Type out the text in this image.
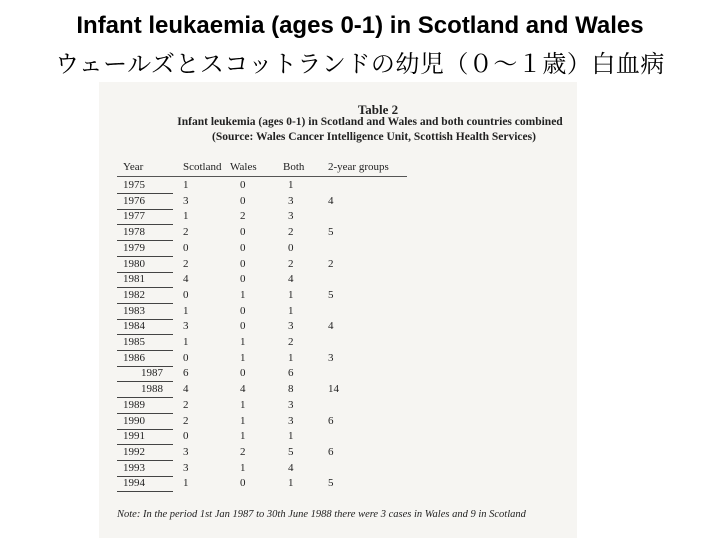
Infant leukaemia (ages 0-1) in Scotland and Wales
ウェールズとスコットランドの幼児（０〜１歳）白血病
Table 2
Infant leukemia (ages 0-1) in Scotland and Wales and both countries combined
(Source: Wales Cancer Intelligence Unit, Scottish Health Services)
Year	Scotland Wales Both 2-year groups
1975	1	0	1
1976	3	0	3	4
1977	1	2	3
1978	2	0	2	5
1979	0	0	0
1980	2	0	2	2
1981	4	0	4
1982	0	1	1	5
1983	1	0	1
1984	3	0	3	4
1985	1	1	2
1986	0	1	1	3
1987 6	0	6
1988 4	4	8	14
1989	2	1	3
1990	2	1	3	6
1991	0	1	1
1992	3	2	5	6
1993	3	1	4
1994	1	0	1	5
Note: In the period 1st Jan 1987 to 30th June 1988 there were 3 cases in Wales and 9 in Scotland
